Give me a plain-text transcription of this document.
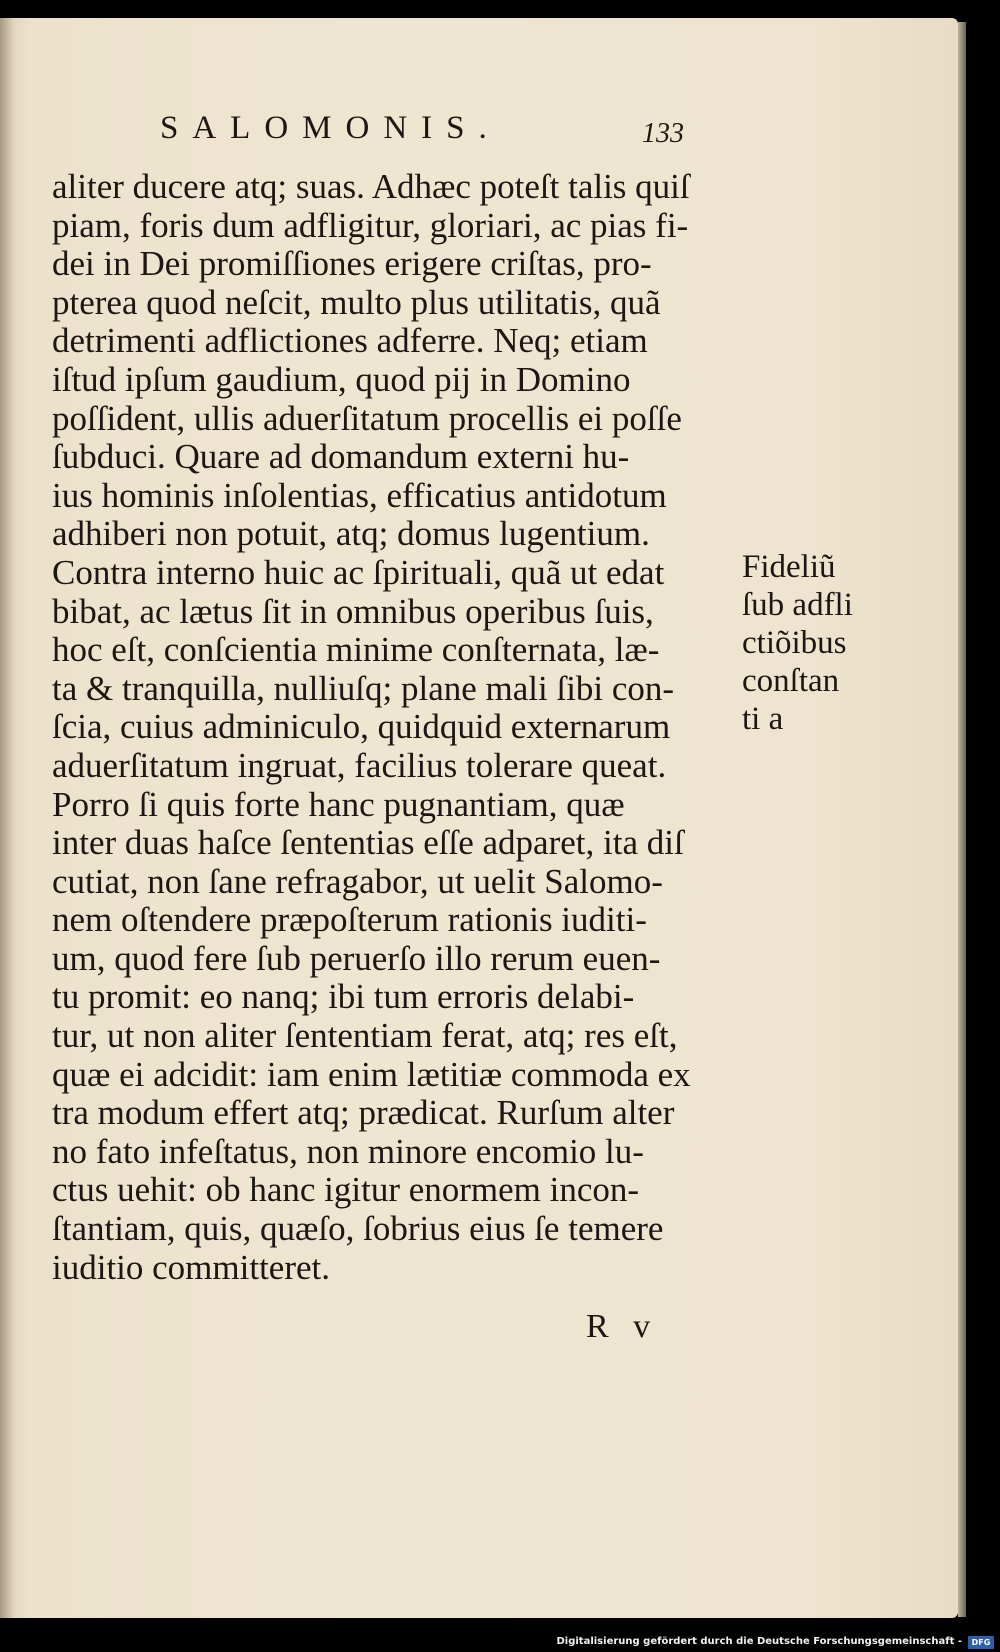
SALOMONIS.	133
aliter ducere atq; suas. Adhæc poteſt talis quiſ
piam, foris dum adfligitur, gloriari, ac pias fi-
dei in Dei promiſſiones erigere criſtas, pro-
pterea quod neſcit, multo plus utilitatis, quã
detrimenti adflictiones adferre. Neq; etiam
iſtud ipſum gaudium, quod pij in Domino
poſſident, ullis aduerſitatum procellis ei poſſe
ſubduci. Quare ad domandum externi hu-
ius hominis inſolentias, efficatius antidotum
adhiberi non potuit, atq; domus lugentium.
Contra interno huic ac ſpirituali, quã ut edat
bibat, ac lætus ſit in omnibus operibus ſuis,
hoc eſt, conſcientia minime conſternata, læ-
ta & tranquilla, nulliuſq; plane mali ſibi con-
ſcia, cuius adminiculo, quidquid externarum
aduerſitatum ingruat, facilius tolerare queat.
Porro ſi quis forte hanc pugnantiam, quæ
inter duas haſce ſententias eſſe adparet, ita diſ
cutiat, non ſane refragabor, ut uelit Salomo-
nem oſtendere præpoſterum rationis iuditi-
um, quod fere ſub peruerſo illo rerum euen-
tu promit: eo nanq; ibi tum erroris delabi-
tur, ut non aliter ſententiam ferat, atq; res eſt,
quæ ei adcidit: iam enim lætitiæ commoda ex
tra modum effert atq; prædicat. Rurſum alter
no fato infeſtatus, non minore encomio lu-
ctus uehit: ob hanc igitur enormem incon-
ſtantiam, quis, quæſo, ſobrius eius ſe temere
iuditio committeret.
Fideliũ
ſub adfli
ctiõibus
conſtan
ti a
R v
Digitalisierung gefördert durch die Deutsche Forschungsgemeinschaft -	DFG
